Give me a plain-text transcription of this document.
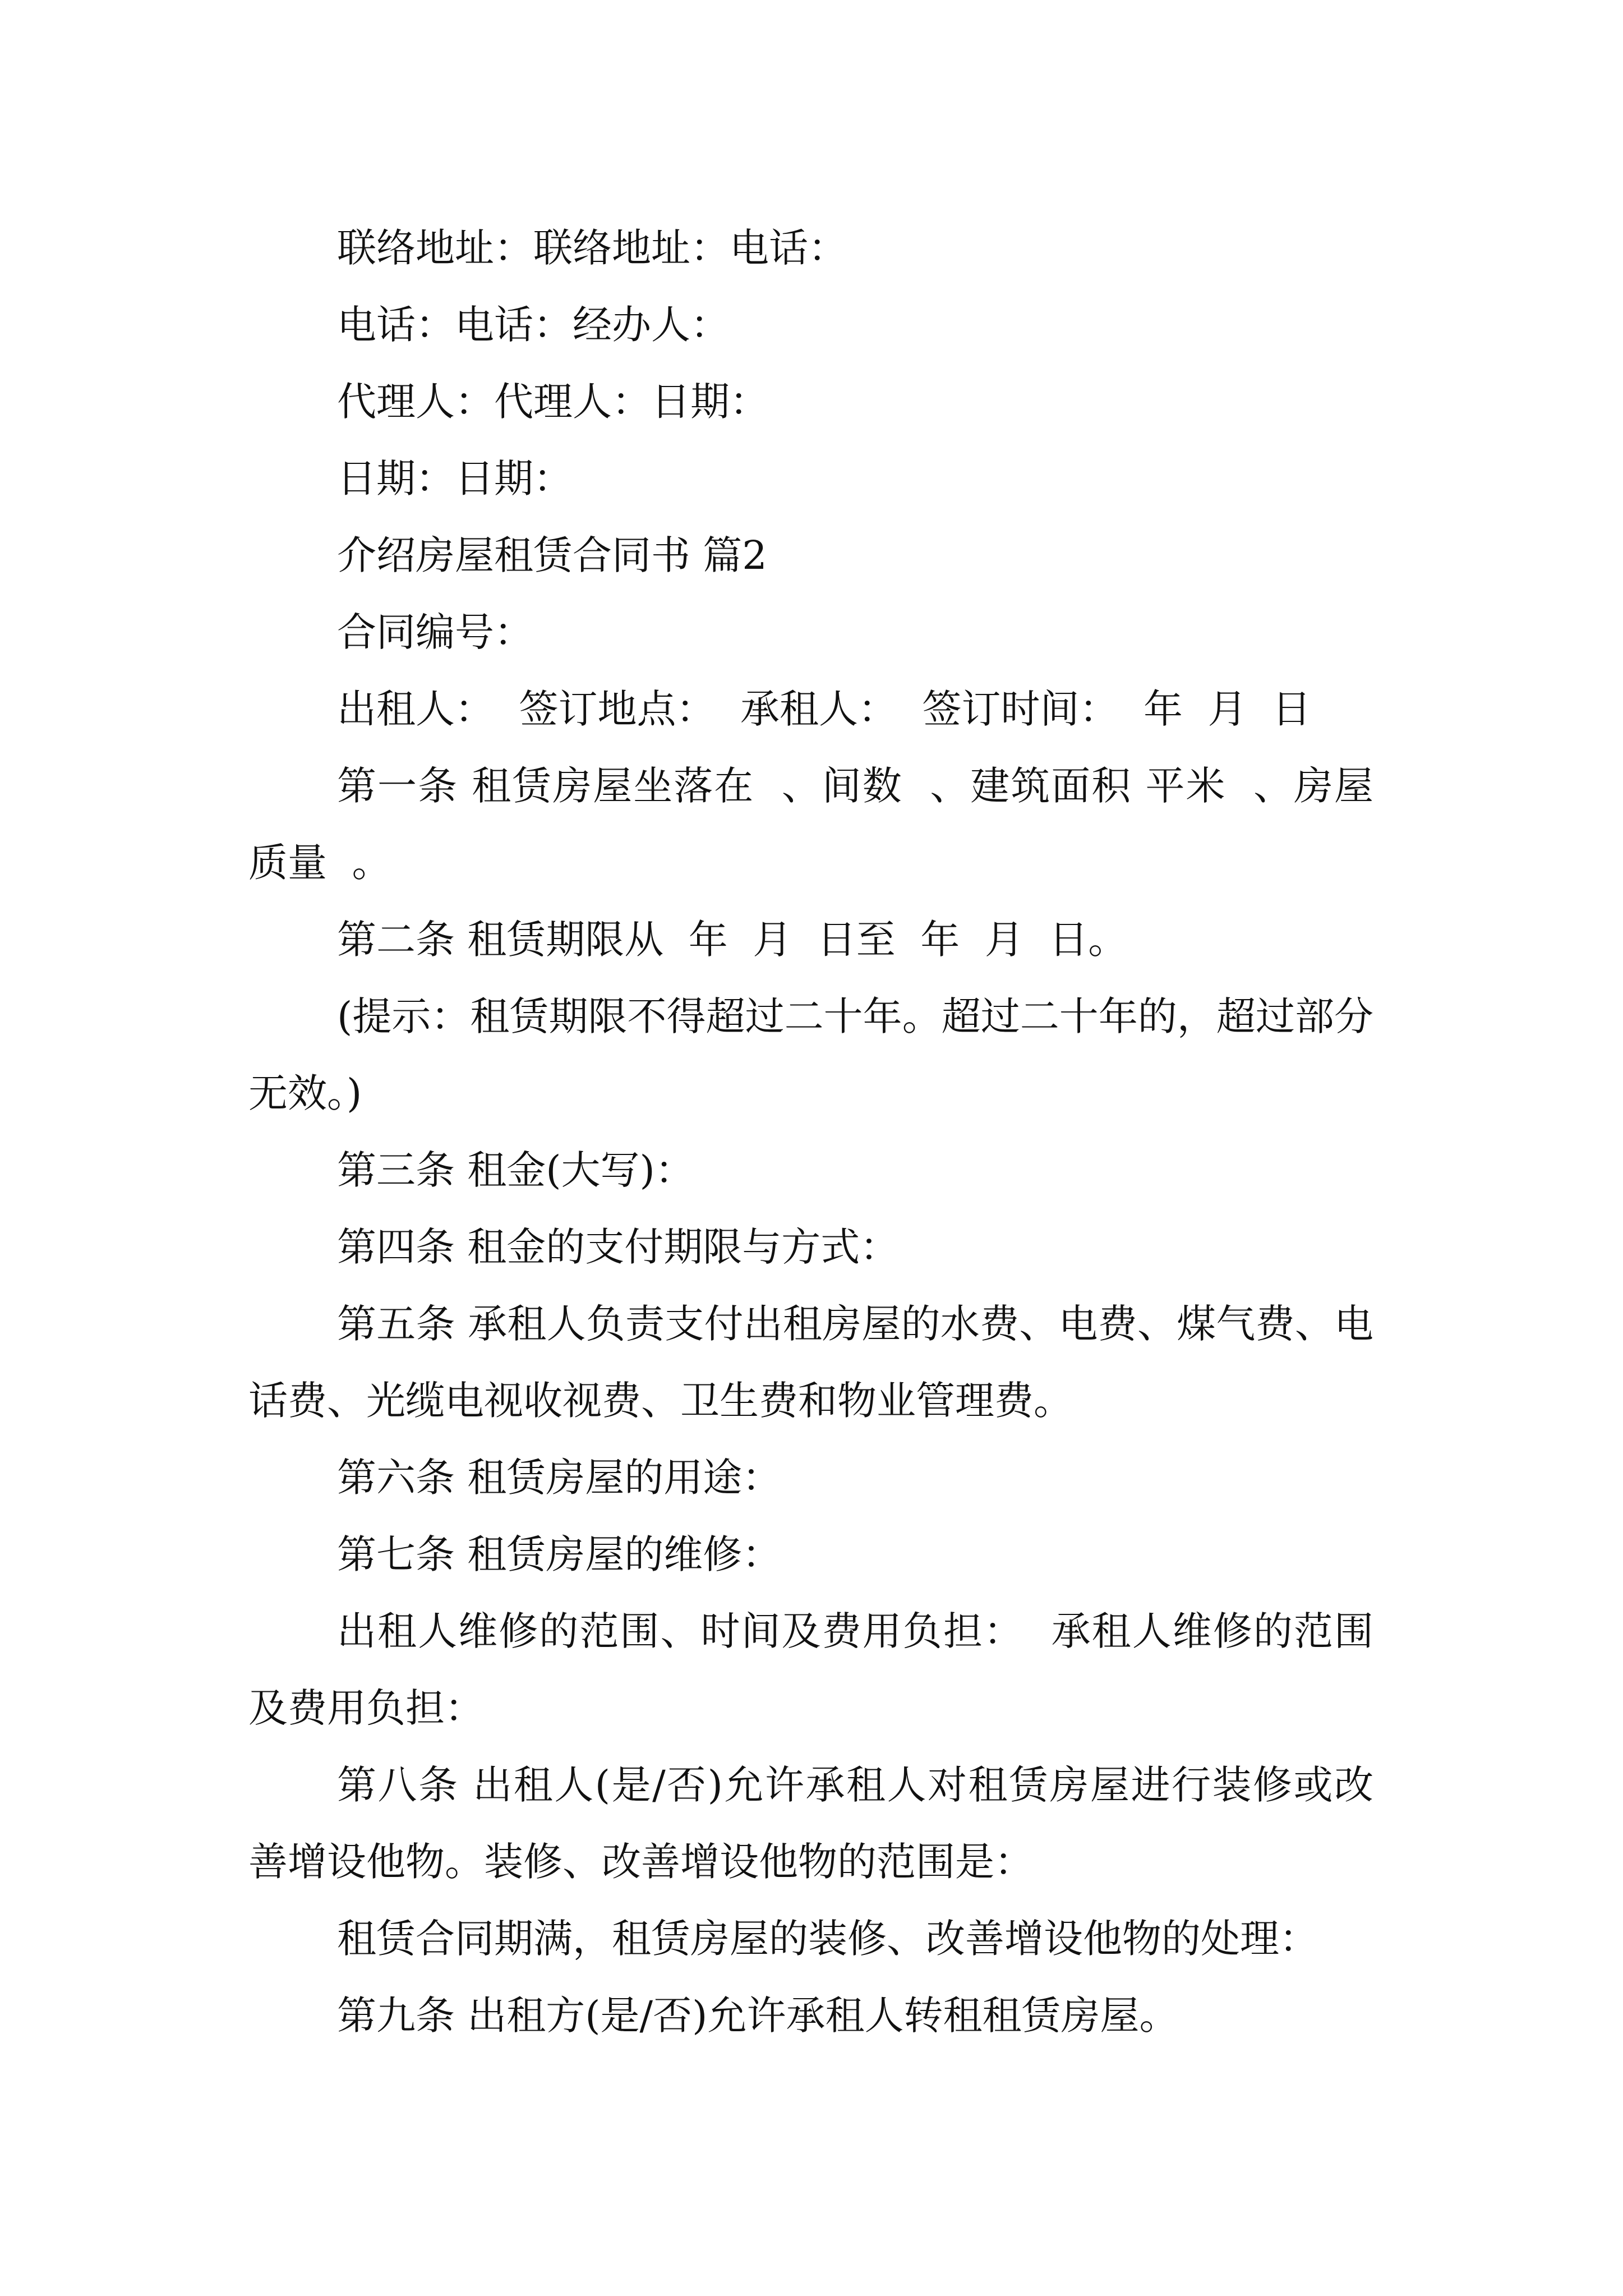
联络地址：联络地址：电话：

电话：电话：经办人：

代理人：代理人：日期：

日期：日期：

介绍房屋租赁合同书 篇2

合同编号：

出租人：  签订地点：  承租人：  签订时间：  年  月  日

第一条 租赁房屋坐落在  、间数  、建筑面积 平米  、房屋质量  。

第二条 租赁期限从  年  月  日至  年  月  日。

(提示：租赁期限不得超过二十年。超过二十年的，超过部分无效。)

第三条 租金(大写)：

第四条 租金的支付期限与方式：

第五条 承租人负责支付出租房屋的水费、电费、煤气费、电话费、光缆电视收视费、卫生费和物业管理费。

第六条 租赁房屋的用途：

第七条 租赁房屋的维修：

出租人维修的范围、时间及费用负担：  承租人维修的范围及费用负担：

第八条 出租人(是/否)允许承租人对租赁房屋进行装修或改善增设他物。装修、改善增设他物的范围是：

租赁合同期满，租赁房屋的装修、改善增设他物的处理：

第九条 出租方(是/否)允许承租人转租租赁房屋。
